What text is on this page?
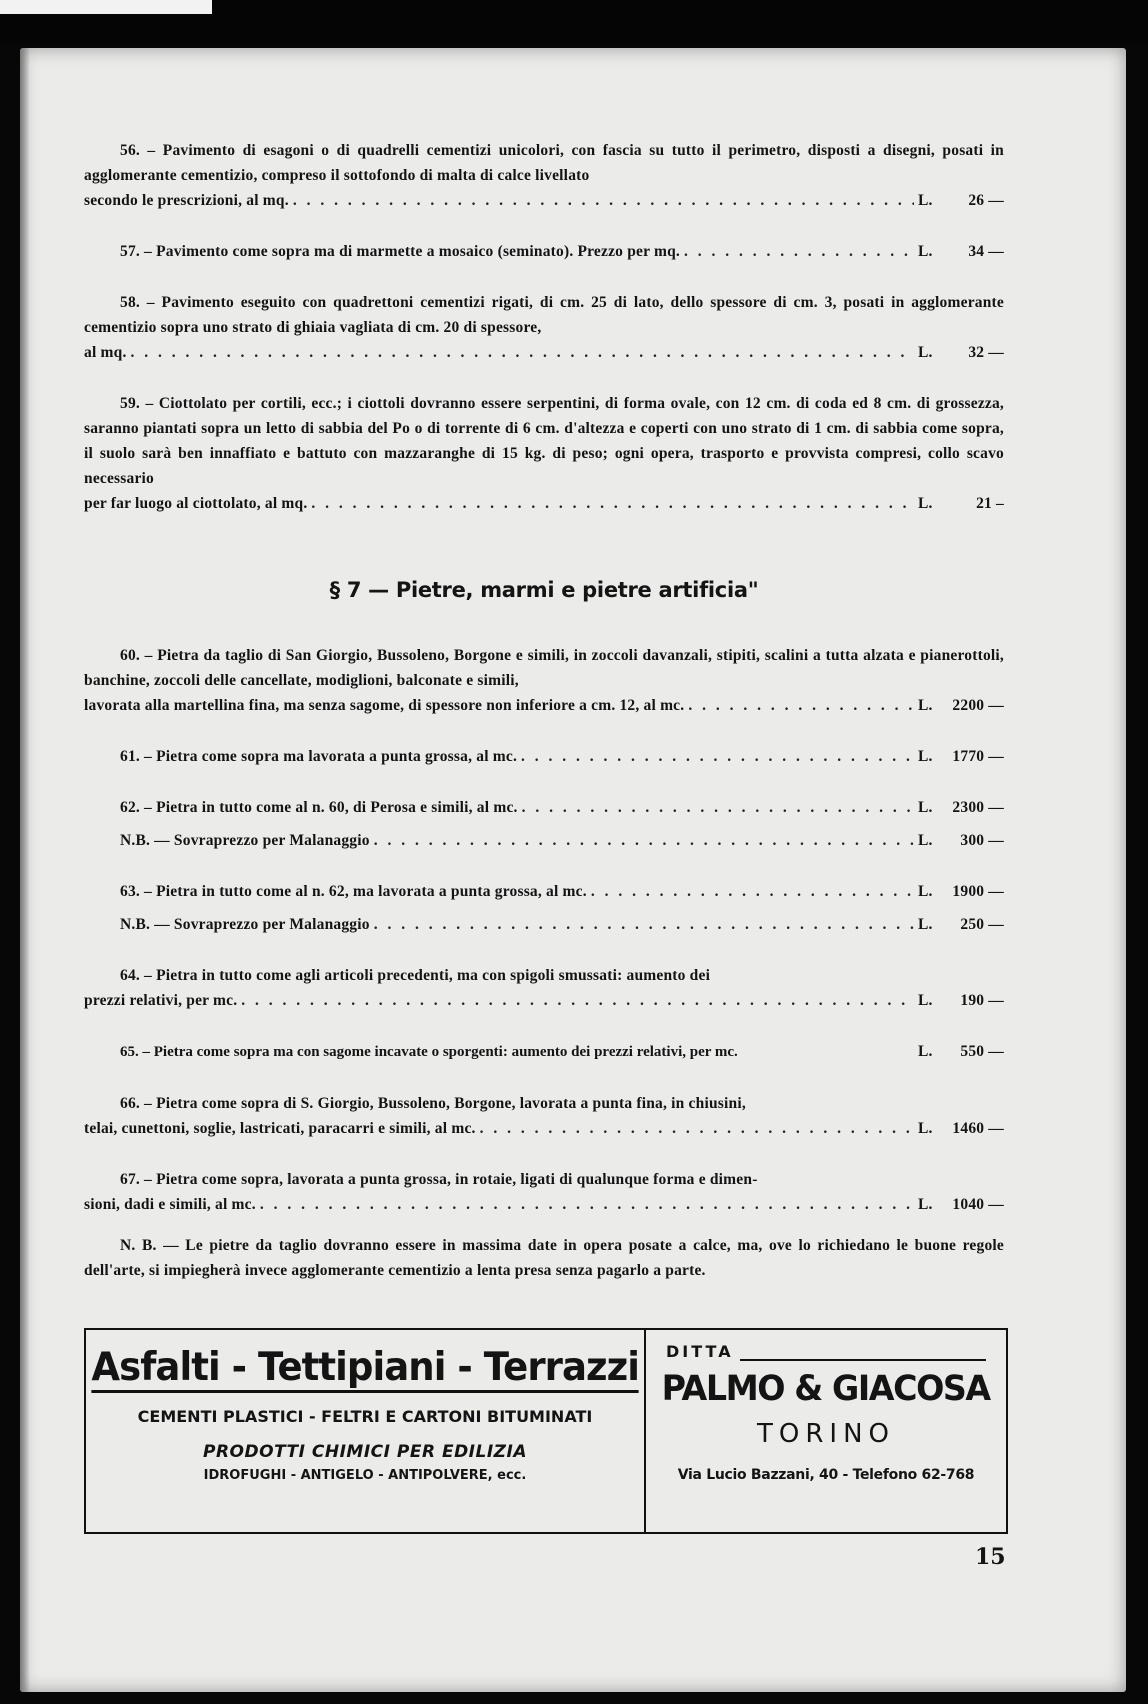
56. – Pavimento di esagoni o di quadrelli cementizi unicolori, con fascia su tutto il perimetro, disposti a disegni, posati in agglomerante cementizio, compreso il sottofondo di malta di calce livellato
secondo le prescrizioni, al mq. . . .	L. 26 —
57. – Pavimento come sopra ma di marmette a mosaico (seminato). Prezzo per mq. . . .	L. 34 —
58. – Pavimento eseguito con quadrettoni cementizi rigati, di cm. 25 di lato, dello spessore di cm. 3, posati in agglomerante cementizio sopra uno strato di ghiaia vagliata di cm. 20 di spessore,
al mq. . . .	L. 32 —
59. – Ciottolato per cortili, ecc.; i ciottoli dovranno essere serpentini, di forma ovale, con 12 cm. di coda ed 8 cm. di grossezza, saranno piantati sopra un letto di sabbia del Po o di torrente di 6 cm. d'altezza e coperti con uno strato di 1 cm. di sabbia come sopra, il suolo sarà ben innaffiato e battuto con mazzaranghe di 15 kg. di peso; ogni opera, trasporto e provvista compresi, collo scavo necessario
per far luogo al ciottolato, al mq. . . .	L.	21 –
§ 7 — Pietre, marmi e pietre artificia"
60. – Pietra da taglio di San Giorgio, Bussoleno, Borgone e simili, in zoccoli davanzali, stipiti, scalini a tutta alzata e pianerottoli, banchine, zoccoli delle cancellate, modiglioni, balconate e simili,
lavorata alla martellina fina, ma senza sagome, di spessore non inferiore a cm. 12, al mc. . . .	L. 2200 —
61. – Pietra come sopra ma lavorata a punta grossa, al mc. . . .	L. 1770 —
62. – Pietra in tutto come al n. 60, di Perosa e simili, al mc. . . .	L. 2300 —
N.B. — Sovraprezzo per Malanaggio . . .	L. 300 —
63. – Pietra in tutto come al n. 62, ma lavorata a punta grossa, al mc. . . .	L. 1900 —
N.B. — Sovraprezzo per Malanaggio . . .	L. 250 —
64. – Pietra in tutto come agli articoli precedenti, ma con spigoli smussati: aumento dei
prezzi relativi, per mc. . . .	L. 190 —
65. – Pietra come sopra ma con sagome incavate o sporgenti: aumento dei prezzi relativi, per mc.	L. 550 —
66. – Pietra come sopra di S. Giorgio, Bussoleno, Borgone, lavorata a punta fina, in chiusini,
telai, cunettoni, soglie, lastricati, paracarri e simili, al mc. . . .	L. 1460 —
67. – Pietra come sopra, lavorata a punta grossa, in rotaie, ligati di qualunque forma e dimen-
sioni, dadi e simili, al mc. . . .	L. 1040 —
N. B. — Le pietre da taglio dovranno essere in massima date in opera posate a calce, ma, ove lo richiedano le buone regole dell'arte, si impiegherà invece agglomerante cementizio a lenta presa senza pagarlo a parte.
Asfalti - Tettipiani - Terrazzi
CEMENTI PLASTICI - FELTRI E CARTONI BITUMINATI
PRODOTTI CHIMICI PER EDILIZIA
IDROFUGHI - ANTIGELO - ANTIPOLVERE, ecc.
DITTA
PALMO & GIACOSA
TORINO
Via Lucio Bazzani, 40 - Telefono 62-768
15
